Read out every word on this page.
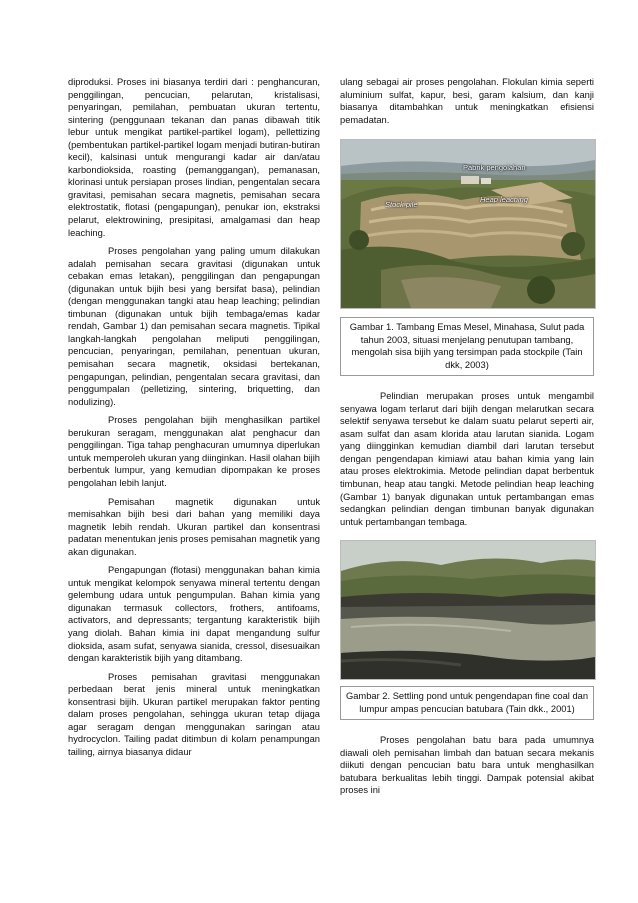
diproduksi. Proses ini biasanya terdiri dari : penghancuran, penggilingan, pencucian, pelarutan, kristalisasi, penyaringan, pemilahan, pembuatan ukuran tertentu, sintering (penggunaan tekanan dan panas dibawah titik lebur untuk mengikat partikel-partikel logam), pellettizing (pembentukan partikel-partikel logam menjadi butiran-butiran kecil), kalsinasi untuk mengurangi kadar air dan/atau karbondioksida, roasting (pemanggangan), pemanasan, klorinasi untuk persiapan proses lindian, pengentalan secara gravitasi, pemisahan secara magnetis, pemisahan secara elektrostatik, flotasi (pengapungan), penukar ion, ekstraksi pelarut, elektrowining, presipitasi, amalgamasi dan heap leaching.

Proses pengolahan yang paling umum dilakukan adalah pemisahan secara gravitasi (digunakan untuk cebakan emas letakan), penggilingan dan pengapungan (digunakan untuk bijih besi yang bersifat basa), pelindian (dengan menggunakan tangki atau heap leaching; pelindian timbunan (digunakan untuk bijih tembaga/emas kadar rendah, Gambar 1) dan pemisahan secara magnetis. Tipikal langkah-langkah pengolahan meliputi penggilingan, pencucian, penyaringan, pemilahan, penentuan ukuran, pemisahan secara magnetik, oksidasi bertekanan, pengapungan, pelindian, pengentalan secara gravitasi, dan penggumpalan (pelletizing, sintering, briquetting, dan nodulizing).

Proses pengolahan bijih menghasilkan partikel berukuran seragam, menggunakan alat penghacur dan penggilingan. Tiga tahap penghacuran umumnya diperlukan untuk memperoleh ukuran yang diinginkan. Hasil olahan bijih berbentuk lumpur, yang kemudian dipompakan ke proses pengolahan lebih lanjut.

Pemisahan magnetik digunakan untuk memisahkan bijih besi dari bahan yang memiliki daya magnetik lebih rendah. Ukuran partikel dan konsentrasi padatan menentukan jenis proses pemisahan magnetik yang akan digunakan.

Pengapungan (flotasi) menggunakan bahan kimia untuk mengikat kelompok senyawa mineral tertentu dengan gelembung udara untuk pengumpulan. Bahan kimia yang digunakan termasuk collectors, frothers, antifoams, activators, and depressants; tergantung karakteristik bijih yang diolah. Bahan kimia ini dapat mengandung sulfur dioksida, asam sufat, senyawa sianida, cressol, disesuaikan dengan karakteristik bijih yang ditambang.

Proses pemisahan gravitasi menggunakan perbedaan berat jenis mineral untuk meningkatkan konsentrasi bijih. Ukuran partikel merupakan faktor penting dalam proses pengolahan, sehingga ukuran tetap dijaga agar seragam dengan menggunakan saringan atau hydrocyclon. Tailing padat ditimbun di kolam penampungan tailing, airnya biasanya didaur

ulang sebagai air proses pengolahan. Flokulan kimia seperti aluminium sulfat, kapur, besi, garam kalsium, dan kanji biasanya ditambahkan untuk meningkatkan efisiensi pemadatan.

Pabrik pengolahan
Stock pile
Heap leaching
Gambar 1. Tambang Emas Mesel, Minahasa, Sulut pada tahun 2003, situasi menjelang penutupan tambang, mengolah sisa bijih yang tersimpan pada stockpile (Tain dkk, 2003)

Pelindian merupakan proses untuk mengambil senyawa logam terlarut dari bijih dengan melarutkan secara selektif senyawa tersebut ke dalam suatu pelarut seperti air, asam sulfat dan asam klorida atau larutan sianida. Logam yang diingginkan kemudian diambil dari larutan tersebut dengan pengendapan kimiawi atau bahan kimia yang lain atau proses elektrokimia. Metode pelindian dapat berbentuk timbunan, heap atau tangki. Metode pelindian heap leaching (Gambar 1) banyak digunakan untuk pertambangan emas sedangkan pelindian dengan timbunan banyak digunakan untuk pertambangan tembaga.

Gambar 2. Settling pond untuk pengendapan fine coal dan lumpur ampas pencucian batubara (Tain dkk., 2001)

Proses pengolahan batu bara pada umumnya diawali oleh pemisahan limbah dan batuan secara mekanis diikuti dengan pencucian batu bara untuk menghasilkan batubara berkualitas lebih tinggi. Dampak potensial akibat proses ini
